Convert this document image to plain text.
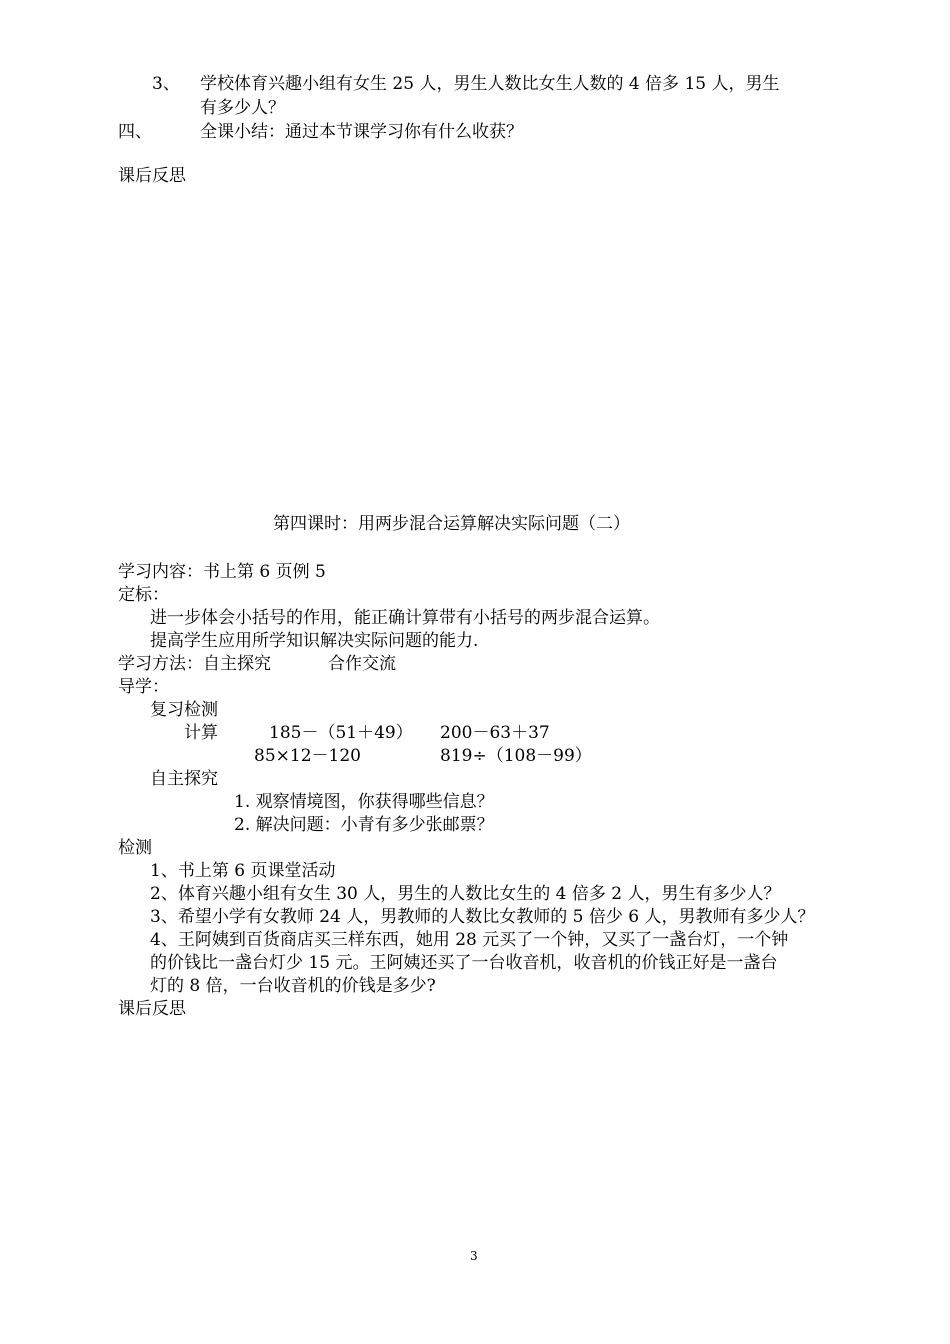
3、 学校体育兴趣小组有女生 25 人，男生人数比女生人数的 4 倍多 15 人，男生
有多少人？
四、	全课小结：通过本节课学习你有什么收获？
课后反思
第四课时：用两步混合运算解决实际问题（二）
学习内容：书上第 6 页例 5
定标：
进一步体会小括号的作用，能正确计算带有小括号的两步混合运算。
提高学生应用所学知识解决实际问题的能力.
学习方法：自主探究	合作交流
导学：
复习检测
计算	185－（51＋49） 200－63＋37
85×12－120	819÷（108－99）
自主探究
1. 观察情境图，你获得哪些信息？
2. 解决问题：小青有多少张邮票？
检测
1、书上第 6 页课堂活动
2、体育兴趣小组有女生 30 人，男生的人数比女生的 4 倍多 2 人，男生有多少人？
3、希望小学有女教师 24 人，男教师的人数比女教师的 5 倍少 6 人，男教师有多少人？
4、王阿姨到百货商店买三样东西，她用 28 元买了一个钟，又买了一盏台灯，一个钟
的价钱比一盏台灯少 15 元。王阿姨还买了一台收音机，收音机的价钱正好是一盏台
灯的 8 倍，一台收音机的价钱是多少?
课后反思
3
